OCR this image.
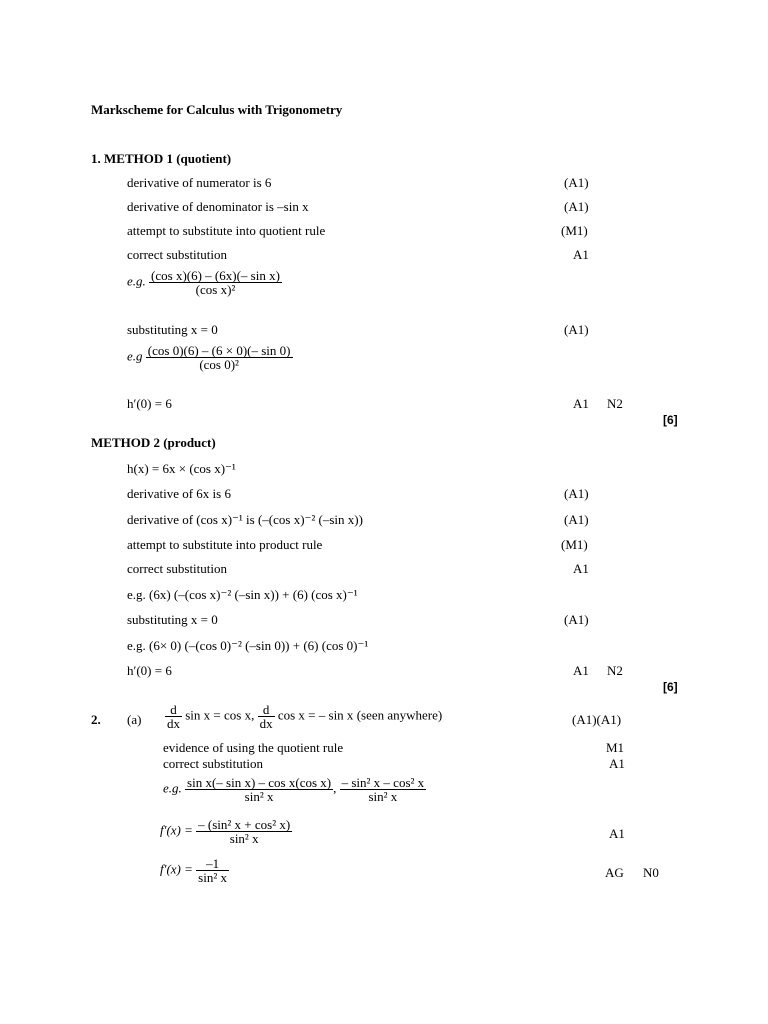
Markscheme for Calculus with Trigonometry
1. METHOD 1 (quotient)
derivative of numerator is 6	(A1)
derivative of denominator is –sin x	(A1)
attempt to substitute into quotient rule	(M1)
correct substitution	A1
e.g. $\frac{\text{(cos x)(6) – (6x)(– sin x)}}{\text{(cos x)²}}$
substituting x = 0	(A1)
$e.g \frac{(\cos 0)(6) - (6 \times 0)(- \sin 0)}{\text{(cos 0)²}}$
h′(0) = 6	A1 N2
[6]
METHOD 2 (product)
h(x) = 6x × (cos x)⁻¹
derivative of 6x is 6	(A1)
derivative of (cos x)⁻¹ is (–(cos x)⁻² (–sin x))	(A1)
attempt to substitute into product rule	(M1)
correct substitution	A1
e.g. (6x) (–(cos x)⁻² (–sin x)) + (6) (cos x)⁻¹
substituting x = 0	(A1)
e.g. (6× 0) (–(cos 0)⁻² (–sin 0)) + (6) (cos 0)⁻¹
h′(0) = 6	A1 N2
[6]
2. $(a) \frac{d}{dx}$ sin x = cos x, $\frac{d}{dx}$ cos x = – sin x (seen anywhere)	(A1)(A1)
evidence of using the quotient rule	M1
correct substitution	A1
e.g. $\frac{\text{sin x(– sin x) – cos x(cos x)}}{\text{sin² x}}$ , $\frac{\text{– sin² x – cos² x}}{\text{sin² x}}$
$f'(x) = \frac{\text{– (sin² x + cos² x)}}{\text{sin² x}}$	A1
$f'(x) = \frac{-1}{\text{sin² x}}$	AG N0
